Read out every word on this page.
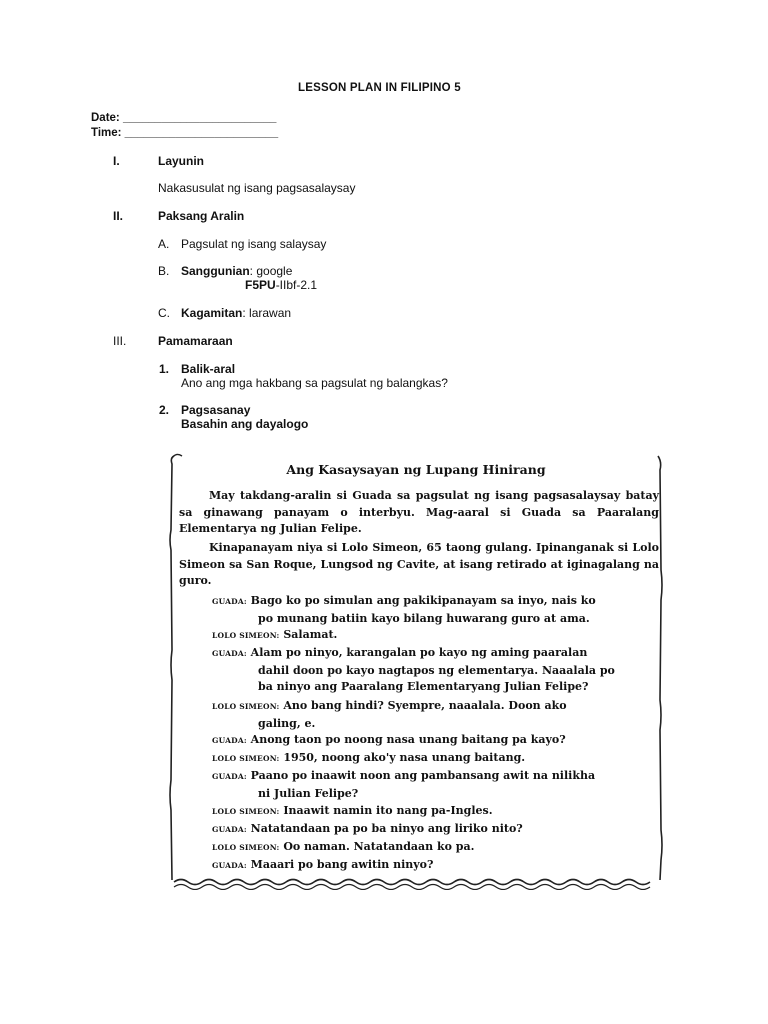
LESSON PLAN IN FILIPINO 5
Date: ________________________
Time: ________________________
I.	Layunin
Nakasusulat ng isang pagsasalaysay
II.	Paksang Aralin
A. Pagsulat ng isang salaysay
B. Sanggunian: google
F5PU-IIbf-2.1
C. Kagamitan: larawan
III.	Pamamaraan
1. Balik-aral
Ano ang mga hakbang sa pagsulat ng balangkas?
2. Pagsasanay
Basahin ang dayalogo
Ang Kasaysayan ng Lupang Hinirang
May takdang-aralin si Guada sa pagsulat ng isang pagsasalaysay batay sa ginawang panayam o interbyu. Mag-aaral si Guada sa Paaralang Elementarya ng Julian Felipe.
Kinapanayam niya si Lolo Simeon, 65 taong gulang. Ipinanganak si Lolo Simeon sa San Roque, Lungsod ng Cavite, at isang retirado at iginagalang na guro.
GUADA: Bago ko po simulan ang pakikipanayam sa inyo, nais ko
po munang batiin kayo bilang huwarang guro at ama.
LOLO SIMEON: Salamat.
GUADA: Alam po ninyo, karangalan po kayo ng aming paaralan
dahil doon po kayo nagtapos ng elementarya. Naaalala po
ba ninyo ang Paaralang Elementaryang Julian Felipe?
LOLO SIMEON: Ano bang hindi? Syempre, naaalala. Doon ako
galing, e.
GUADA: Anong taon po noong nasa unang baitang pa kayo?
LOLO SIMEON: 1950, noong ako'y nasa unang baitang.
GUADA: Paano po inaawit noon ang pambansang awit na nilikha
ni Julian Felipe?
LOLO SIMEON: Inaawit namin ito nang pa-Ingles.
GUADA: Natatandaan pa po ba ninyo ang liriko nito?
LOLO SIMEON: Oo naman. Natatandaan ko pa.
GUADA: Maaari po bang awitin ninyo?
